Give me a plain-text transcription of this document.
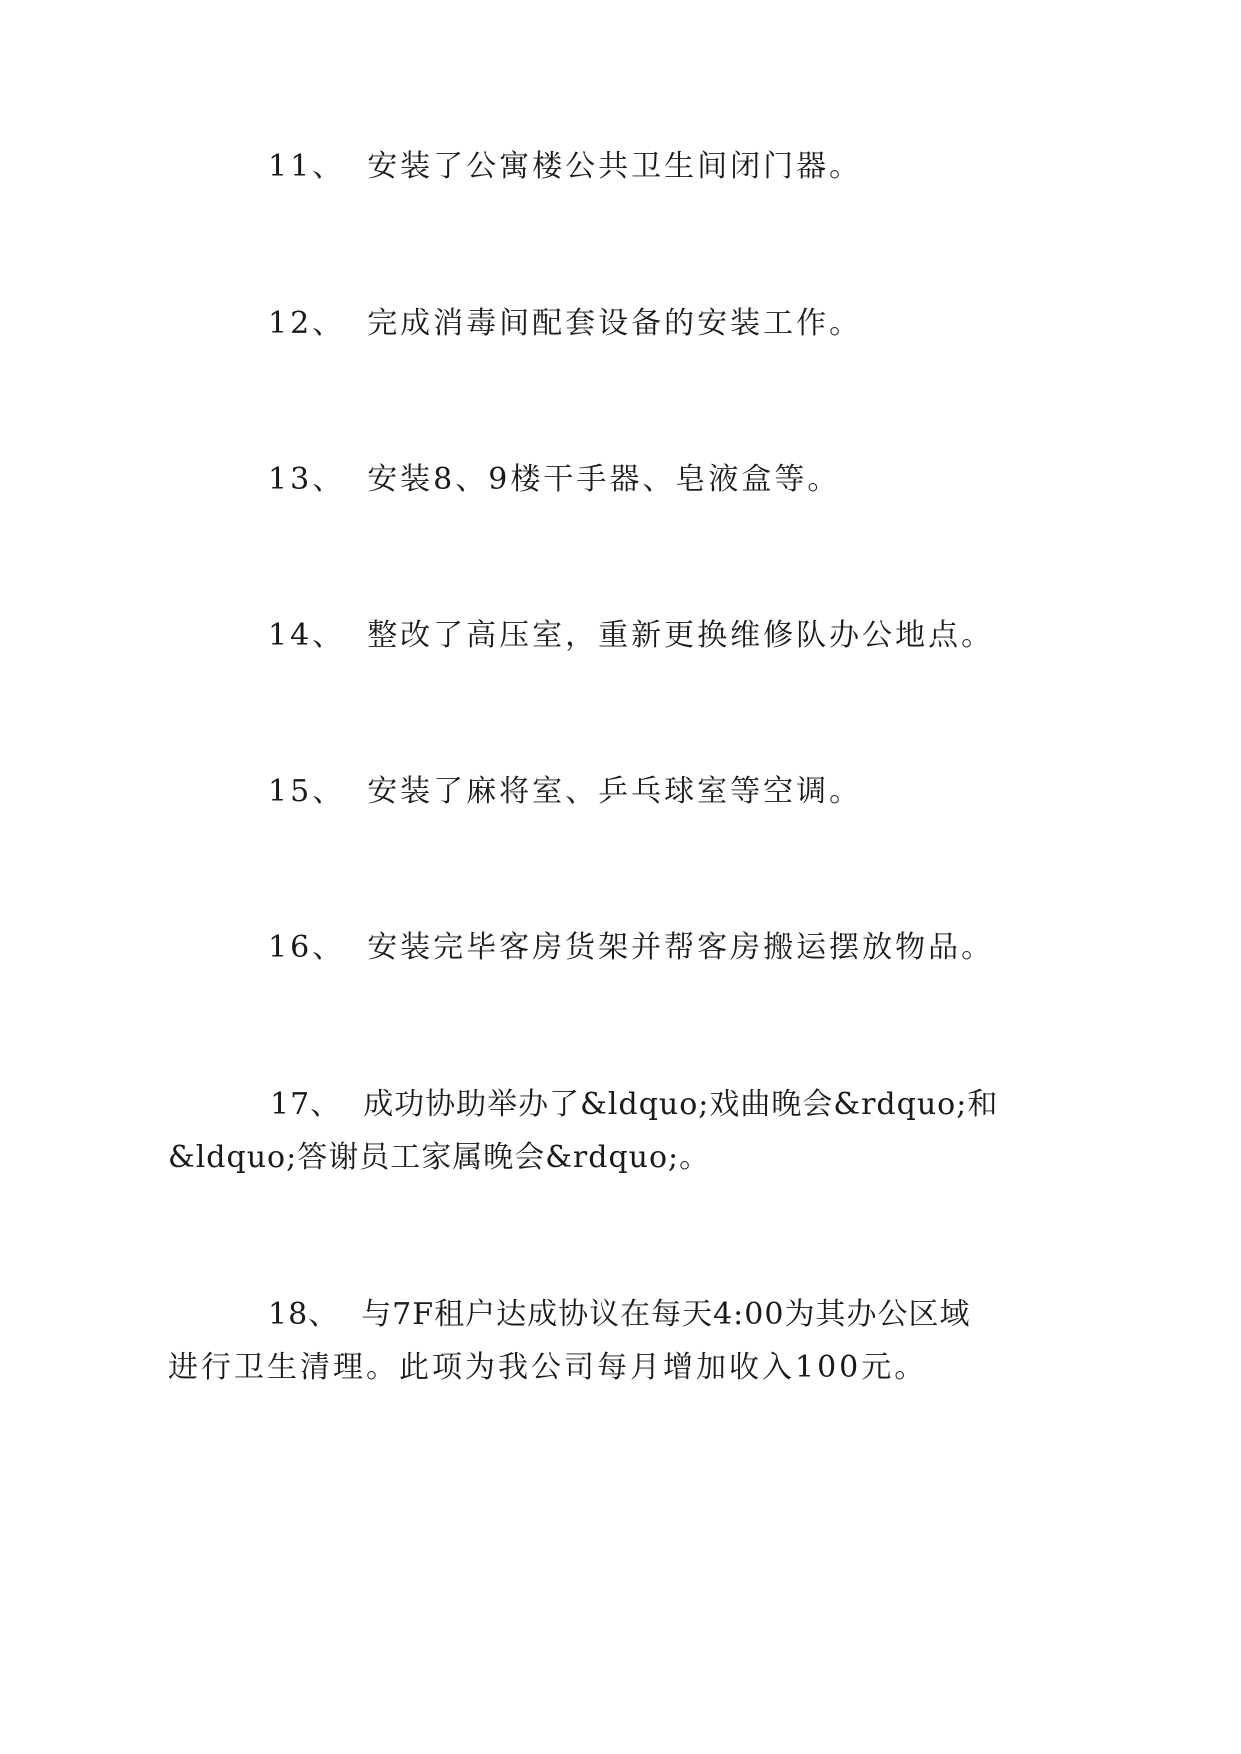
11、 安装了公寓楼公共卫生间闭门器。
12、 完成消毒间配套设备的安装工作。
13、 安装8、9楼干手器、皂液盒等。
14、 整改了高压室，重新更换维修队办公地点。
15、 安装了麻将室、乒乓球室等空调。
16、 安装完毕客房货架并帮客房搬运摆放物品。
17、 成功协助举办了&ldquo;戏曲晚会&rdquo;和
&ldquo;答谢员工家属晚会&rdquo;。
18、 与7F租户达成协议在每天4:00为其办公区域
进行卫生清理。此项为我公司每月增加收入100元。
